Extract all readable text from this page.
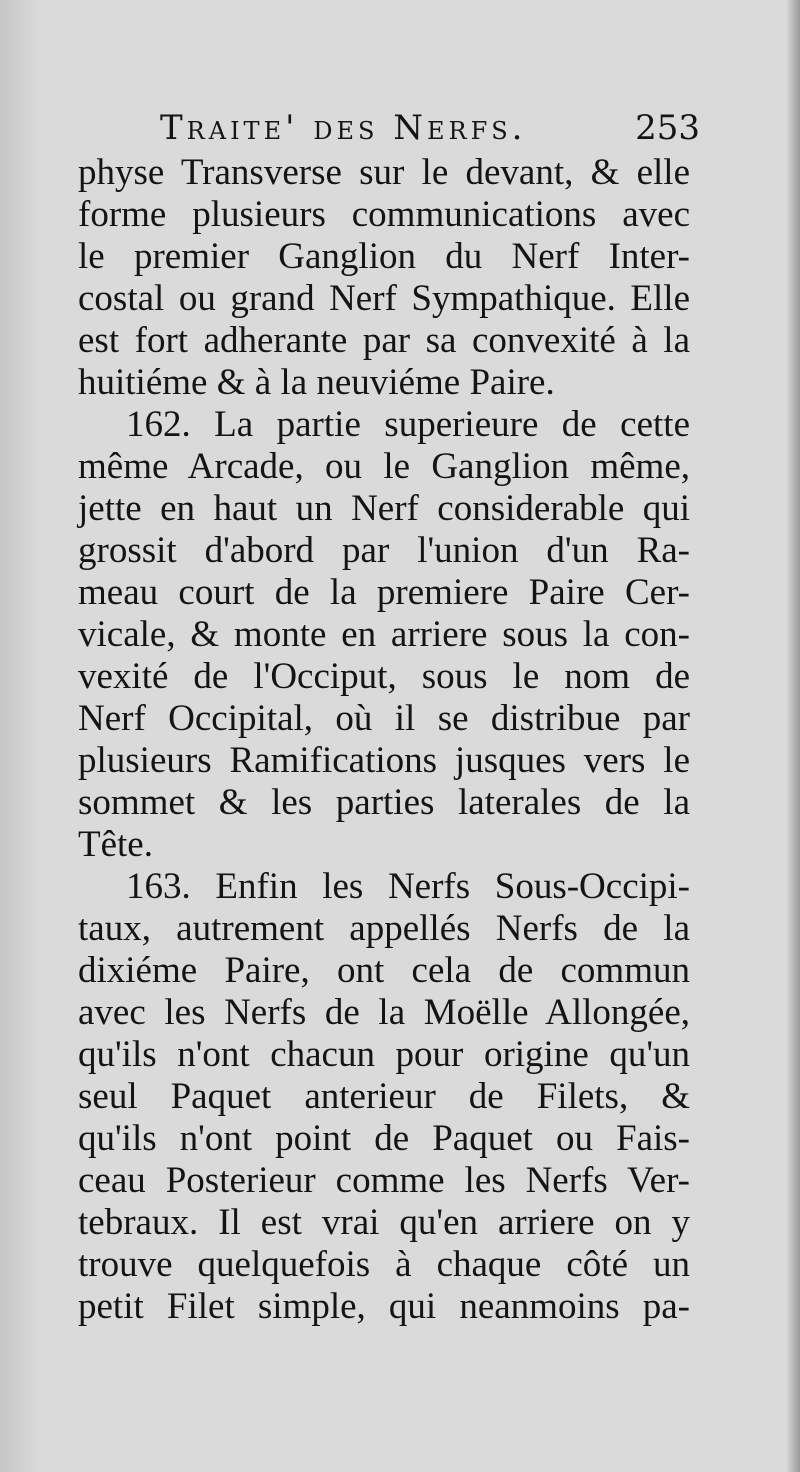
Traite' des Nerfs.	253
physe Transverse sur le devant, & elle
forme plusieurs communications avec
le premier Ganglion du Nerf Inter-
costal ou grand Nerf Sympathique. Elle
est fort adherante par sa convexité à la
huitiéme & à la neuviéme Paire.
162. La partie superieure de cette
même Arcade, ou le Ganglion même,
jette en haut un Nerf considerable qui
grossit d'abord par l'union d'un Ra-
meau court de la premiere Paire Cer-
vicale, & monte en arriere sous la con-
vexité de l'Occiput, sous le nom de
Nerf Occipital, où il se distribue par
plusieurs Ramifications jusques vers le
sommet & les parties laterales de la
Tête.
163. Enfin les Nerfs Sous-Occipi-
taux, autrement appellés Nerfs de la
dixiéme Paire, ont cela de commun
avec les Nerfs de la Moëlle Allongée,
qu'ils n'ont chacun pour origine qu'un
seul Paquet anterieur de Filets, &
qu'ils n'ont point de Paquet ou Fais-
ceau Posterieur comme les Nerfs Ver-
tebraux. Il est vrai qu'en arriere on y
trouve quelquefois à chaque côté un
petit Filet simple, qui neanmoins pa-
